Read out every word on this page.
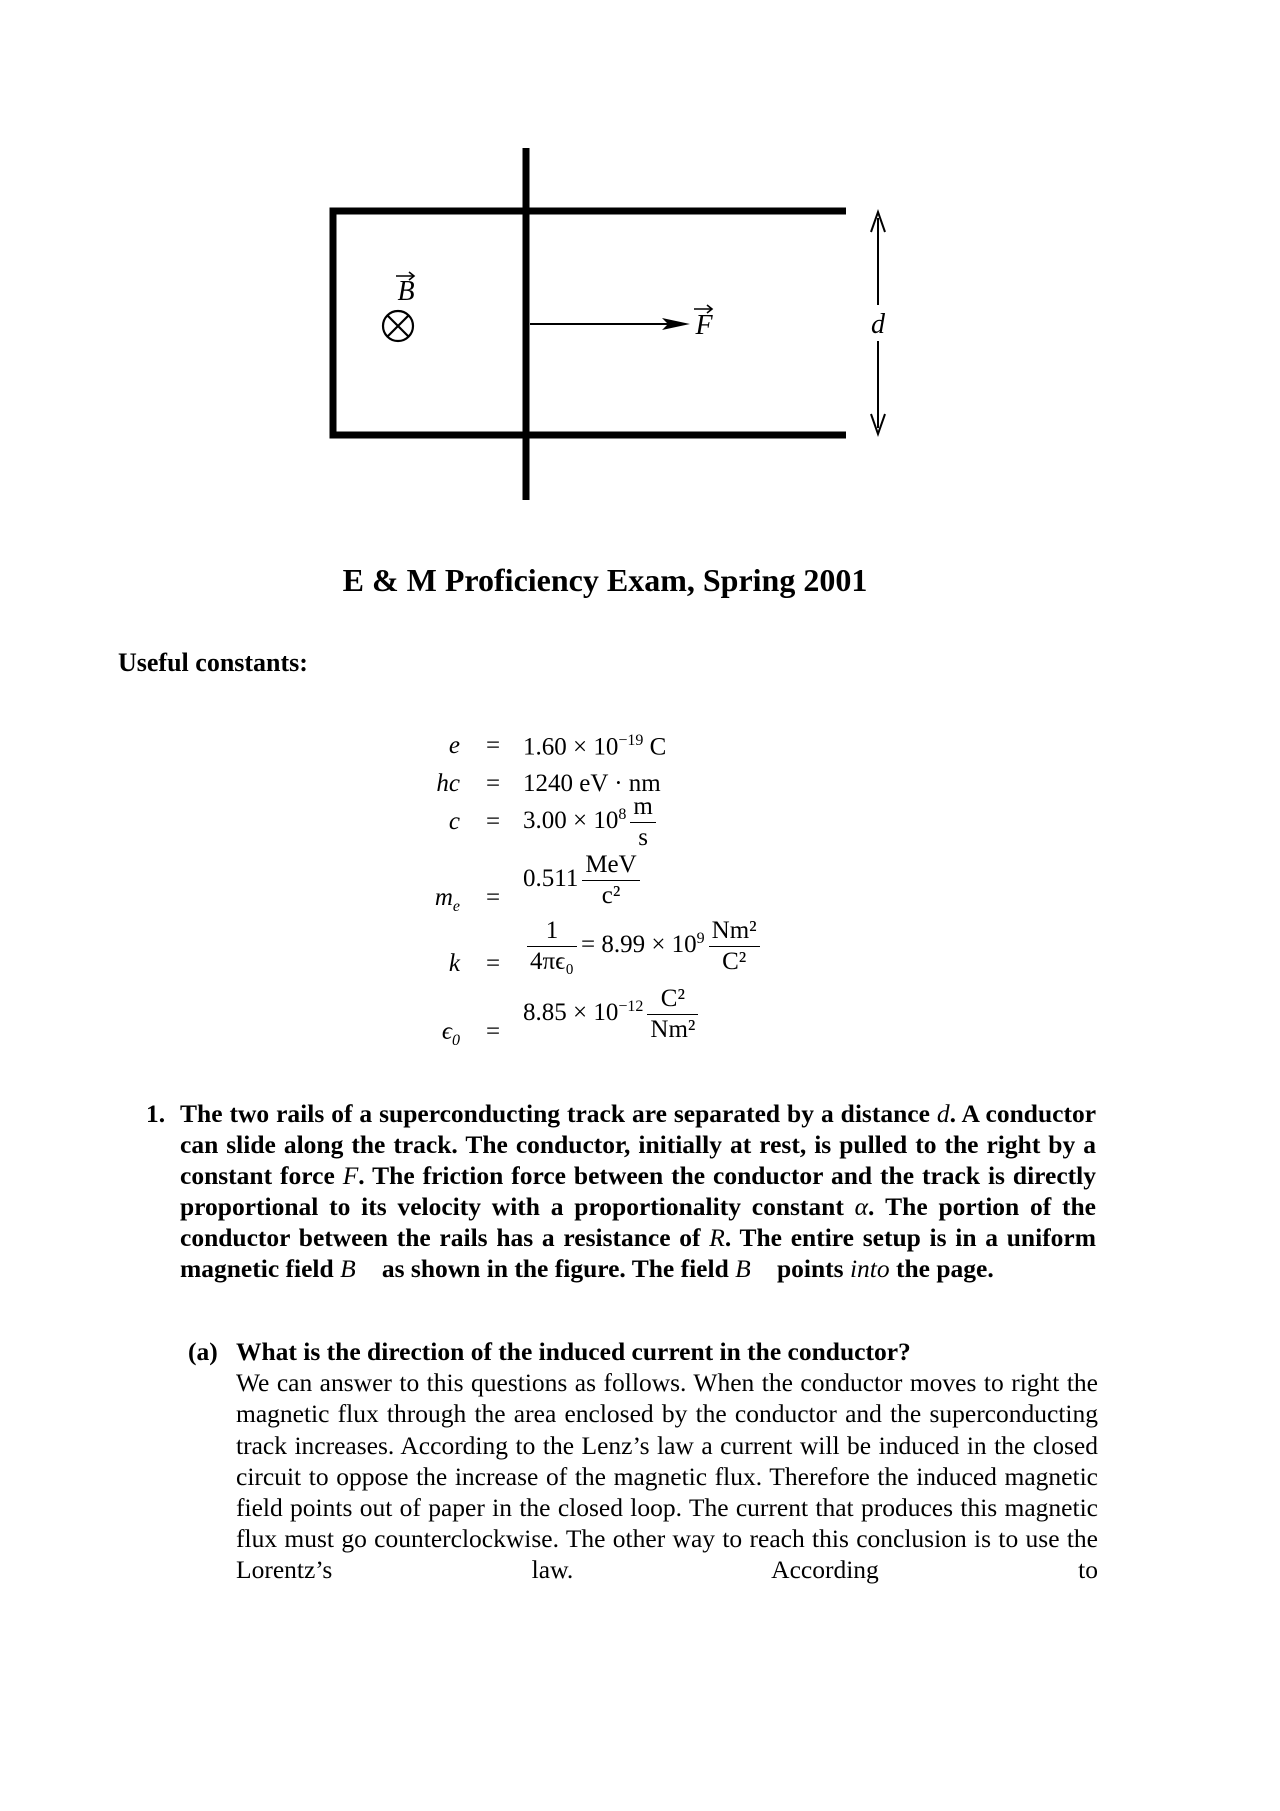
B
F	d
E & M Proficiency Exam, Spring 2001
Useful constants:
$e = 1.60 \times 10^{-19}$ C
hc = 1240 eV · nm
$c = 3.00 \times 10^8 \frac{m}{s}$
$m_e$ =
$0.511 \frac{\text{MeV}}{\text{c²}}$
$k = \frac{1}{\text{4πϵ₀}} = 8.99 \times 10^9 \frac{\text{Nm²}}{\text{C²}}$
$\epsilon_0$ =
$8.85 \times 10^{-12} \frac{\text{C²}}{\text{Nm²}}$
1. The two rails of a superconducting track are separated by a distance d. A conductor can slide along the track. The conductor, initially at rest, is pulled to the right by a constant force F. The friction force between the conductor and the track is directly proportional to its velocity with a proportionality constant α. The portion of the conductor between the rails has a resistance of R. The entire setup is in a uniform magnetic field B⃗ as shown in the figure. The field B⃗ points into the page.
(a) What is the direction of the induced current in the conductor?
We can answer to this questions as follows. When the conductor moves to right the magnetic flux through the area enclosed by the conductor and the superconducting track increases. According to the Lenz’s law a current will be induced in the closed circuit to oppose the increase of the magnetic flux. Therefore the induced magnetic field points out of paper in the closed loop. The current that produces this magnetic flux must go counterclockwise. The other way to reach this conclusion is to use the Lorentz’s law. According to
